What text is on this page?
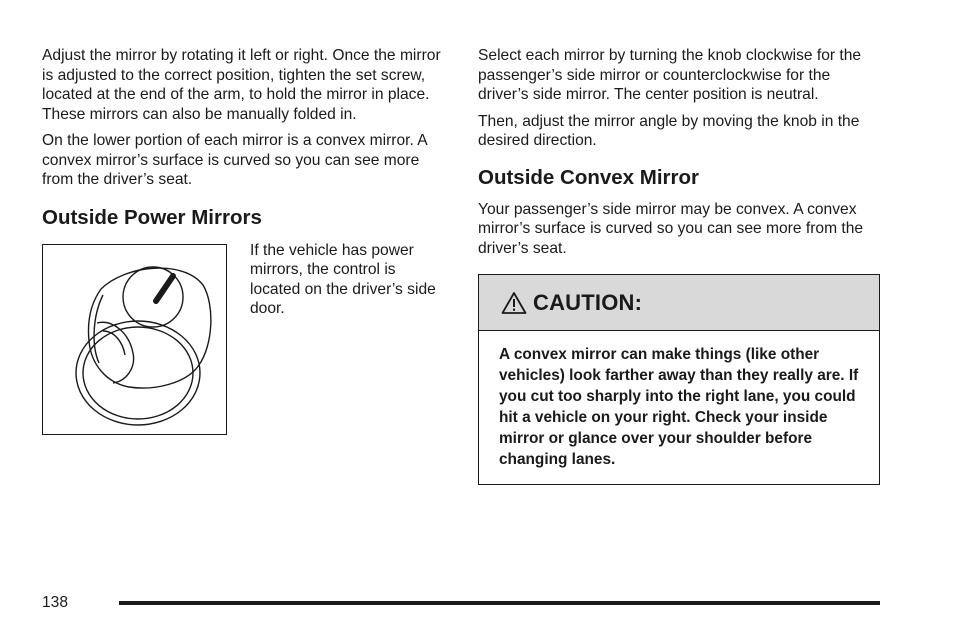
Adjust the mirror by rotating it left or right. Once the mirror is adjusted to the correct position, tighten the set screw, located at the end of the arm, to hold the mirror in place. These mirrors can also be manually folded in.

On the lower portion of each mirror is a convex mirror. A convex mirror’s surface is curved so you can see more from the driver’s seat.

Outside Power Mirrors

If the vehicle has power mirrors, the control is located on the driver’s side door.

Select each mirror by turning the knob clockwise for the passenger’s side mirror or counterclockwise for the driver’s side mirror. The center position is neutral.

Then, adjust the mirror angle by moving the knob in the desired direction.

Outside Convex Mirror

Your passenger’s side mirror may be convex. A convex mirror’s surface is curved so you can see more from the driver’s seat.

CAUTION:

A convex mirror can make things (like other vehicles) look farther away than they really are. If you cut too sharply into the right lane, you could hit a vehicle on your right. Check your inside mirror or glance over your shoulder before changing lanes.

138
